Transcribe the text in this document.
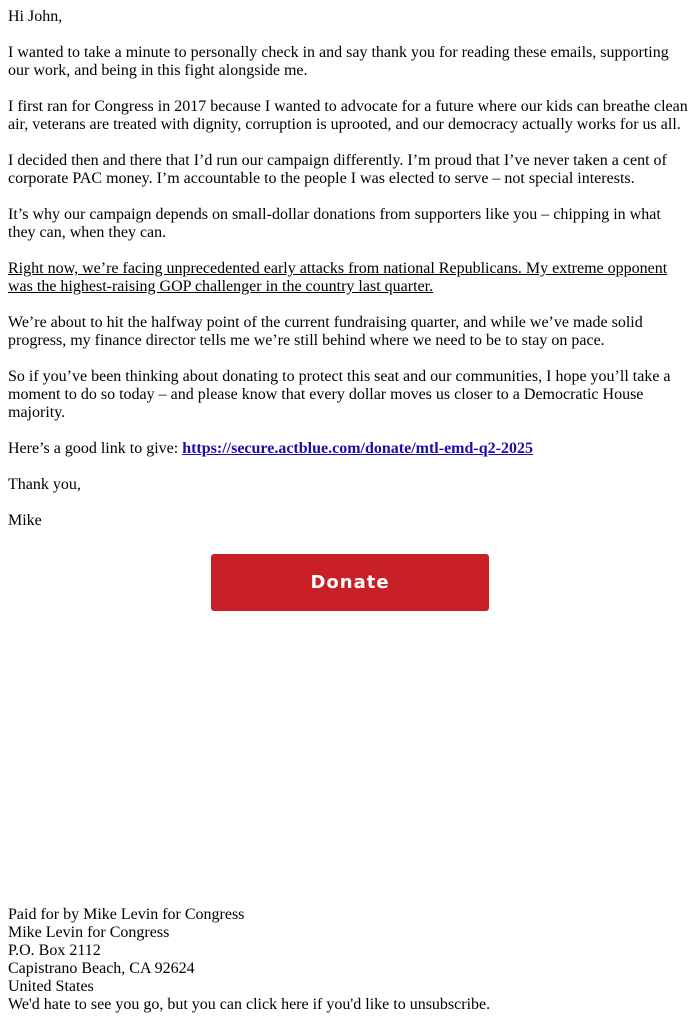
Hi John,

I wanted to take a minute to personally check in and say thank you for reading these emails, supporting our work, and being in this fight alongside me.

I first ran for Congress in 2017 because I wanted to advocate for a future where our kids can breathe clean air, veterans are treated with dignity, corruption is uprooted, and our democracy actually works for us all.

I decided then and there that I’d run our campaign differently. I’m proud that I’ve never taken a cent of corporate PAC money. I’m accountable to the people I was elected to serve – not special interests.

It’s why our campaign depends on small-dollar donations from supporters like you – chipping in what they can, when they can.

Right now, we’re facing unprecedented early attacks from national Republicans. My extreme opponent was the highest-raising GOP challenger in the country last quarter.

We’re about to hit the halfway point of the current fundraising quarter, and while we’ve made solid progress, my finance director tells me we’re still behind where we need to be to stay on pace.

So if you’ve been thinking about donating to protect this seat and our communities, I hope you’ll take a moment to do so today – and please know that every dollar moves us closer to a Democratic House majority.

Here’s a good link to give: https://secure.actblue.com/donate/mtl-emd-q2-2025

Thank you,

Mike

Donate
Paid for by Mike Levin for Congress
Mike Levin for Congress
P.O. Box 2112
Capistrano Beach, CA 92624
United States
We'd hate to see you go, but you can click here if you'd like to unsubscribe.
